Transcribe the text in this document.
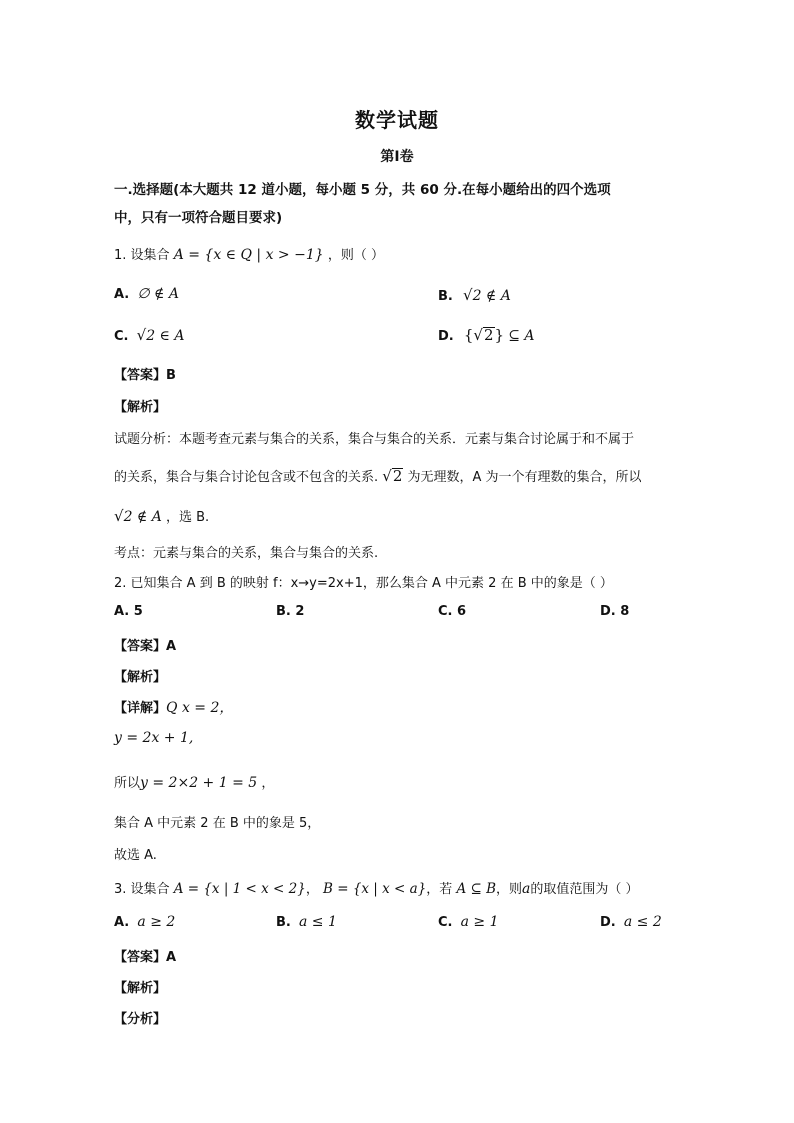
数学试题
第Ⅰ卷
一.选择题(本大题共 12 道小题，每小题 5 分，共 60 分.在每小题给出的四个选项
中，只有一项符合题目要求)
1. 设集合 A = {x ∈ Q | x > −1} ，则（ ）
A. ∅ ∉ A	B. √2 ∉ A
C. √2 ∈ A	D. {√2} ⊆ A
【答案】B
【解析】
试题分析：本题考查元素与集合的关系，集合与集合的关系．元素与集合讨论属于和不属于
的关系，集合与集合讨论包含或不包含的关系. √2 为无理数，A 为一个有理数的集合，所以
√2 ∉ A ，选 B.
考点：元素与集合的关系，集合与集合的关系.
2. 已知集合 A 到 B 的映射 f：x→y=2x+1，那么集合 A 中元素 2 在 B 中的象是（ ）
A. 5	B. 2	C. 6	D. 8
【答案】A
【解析】
【详解】Q x = 2，
y = 2x + 1,
所以y = 2×2 + 1 = 5 ，
集合 A 中元素 2 在 B 中的象是 5，
故选 A.
3. 设集合 A = {x | 1 < x < 2}， B = {x | x < a}，若 A ⊆ B，则a的取值范围为（ ）
A. a ≥ 2	B. a ≤ 1	C. a ≥ 1	D. a ≤ 2
【答案】A
【解析】
【分析】
